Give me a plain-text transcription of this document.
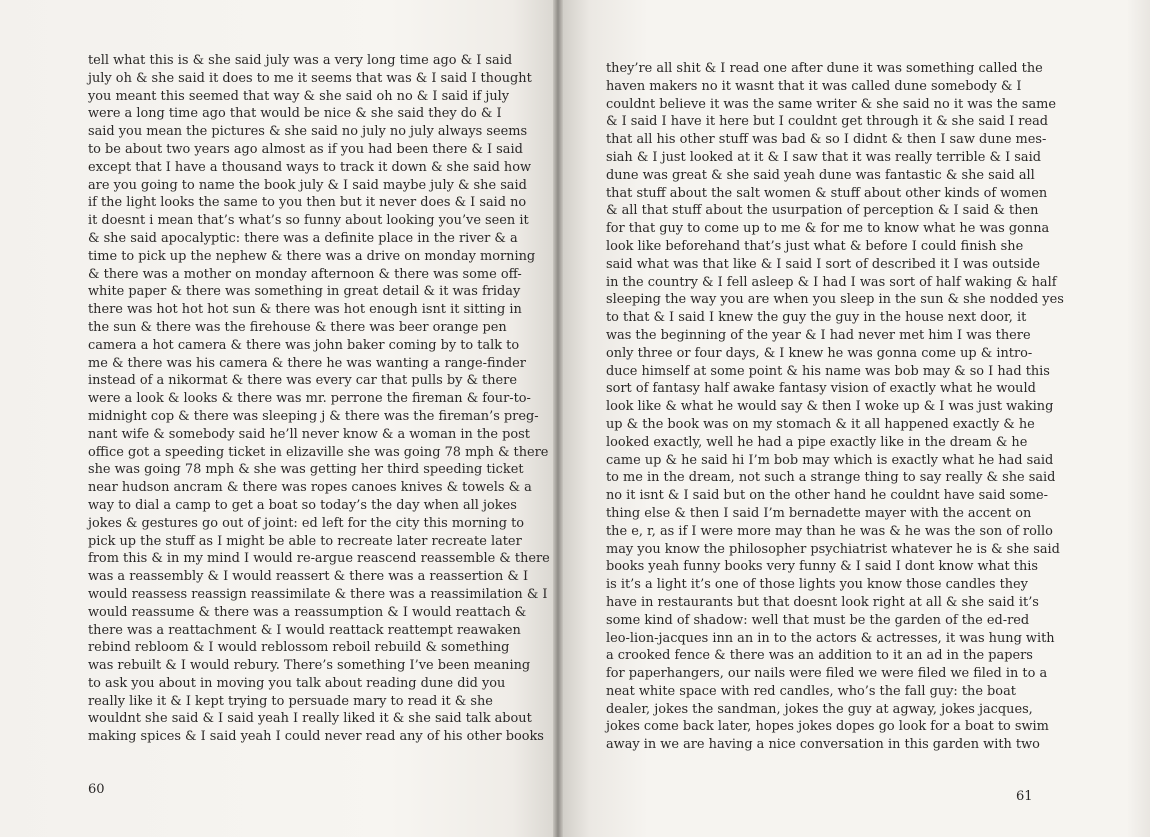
tell what this is & she said july was a very long time ago & I said
july oh & she said it does to me it seems that was & I said I thought
you meant this seemed that way & she said oh no & I said if july
were a long time ago that would be nice & she said they do & I
said you mean the pictures & she said no july no july always seems
to be about two years ago almost as if you had been there & I said
except that I have a thousand ways to track it down & she said how
are you going to name the book july & I said maybe july & she said
if the light looks the same to you then but it never does & I said no
it doesnt i mean that’s what’s so funny about looking you’ve seen it
& she said apocalyptic: there was a definite place in the river & a
time to pick up the nephew & there was a drive on monday morning
& there was a mother on monday afternoon & there was some off-
white paper & there was something in great detail & it was friday
there was hot hot hot sun & there was hot enough isnt it sitting in
the sun & there was the firehouse & there was beer orange pen
camera a hot camera & there was john baker coming by to talk to
me & there was his camera & there he was wanting a range-finder
instead of a nikormat & there was every car that pulls by & there
were a look & looks & there was mr. perrone the fireman & four-to-
midnight cop & there was sleeping j & there was the fireman’s preg-
nant wife & somebody said he’ll never know & a woman in the post
office got a speeding ticket in elizaville she was going 78 mph & there
she was going 78 mph & she was getting her third speeding ticket
near hudson ancram & there was ropes canoes knives & towels & a
way to dial a camp to get a boat so today’s the day when all jokes
jokes & gestures go out of joint: ed left for the city this morning to
pick up the stuff as I might be able to recreate later recreate later
from this & in my mind I would re-argue reascend reassemble & there
was a reassembly & I would reassert & there was a reassertion & I
would reassess reassign reassimilate & there was a reassimilation & I
would reassume & there was a reassumption & I would reattach &
there was a reattachment & I would reattack reattempt reawaken
rebind rebloom & I would reblossom reboil rebuild & something
was rebuilt & I would rebury. There’s something I’ve been meaning
to ask you about in moving you talk about reading dune did you
really like it & I kept trying to persuade mary to read it & she
wouldnt she said & I said yeah I really liked it & she said talk about
making spices & I said yeah I could never read any of his other books
they’re all shit & I read one after dune it was something called the
haven makers no it wasnt that it was called dune somebody & I
couldnt believe it was the same writer & she said no it was the same
& I said I have it here but I couldnt get through it & she said I read
that all his other stuff was bad & so I didnt & then I saw dune mes-
siah & I just looked at it & I saw that it was really terrible & I said
dune was great & she said yeah dune was fantastic & she said all
that stuff about the salt women & stuff about other kinds of women
& all that stuff about the usurpation of perception & I said & then
for that guy to come up to me & for me to know what he was gonna
look like beforehand that’s just what & before I could finish she
said what was that like & I said I sort of described it I was outside
in the country & I fell asleep & I had I was sort of half waking & half
sleeping the way you are when you sleep in the sun & she nodded yes
to that & I said I knew the guy the guy in the house next door, it
was the beginning of the year & I had never met him I was there
only three or four days, & I knew he was gonna come up & intro-
duce himself at some point & his name was bob may & so I had this
sort of fantasy half awake fantasy vision of exactly what he would
look like & what he would say & then I woke up & I was just waking
up & the book was on my stomach & it all happened exactly & he
looked exactly, well he had a pipe exactly like in the dream & he
came up & he said hi I’m bob may which is exactly what he had said
to me in the dream, not such a strange thing to say really & she said
no it isnt & I said but on the other hand he couldnt have said some-
thing else & then I said I’m bernadette mayer with the accent on
the e, r, as if I were more may than he was & he was the son of rollo
may you know the philosopher psychiatrist whatever he is & she said
books yeah funny books very funny & I said I dont know what this
is it’s a light it’s one of those lights you know those candles they
have in restaurants but that doesnt look right at all & she said it’s
some kind of shadow: well that must be the garden of the ed-red
leo-lion-jacques inn an in to the actors & actresses, it was hung with
a crooked fence & there was an addition to it an ad in the papers
for paperhangers, our nails were filed we were filed we filed in to a
neat white space with red candles, who’s the fall guy: the boat
dealer, jokes the sandman, jokes the guy at agway, jokes jacques,
jokes come back later, hopes jokes dopes go look for a boat to swim
away in we are having a nice conversation in this garden with two
60	61
